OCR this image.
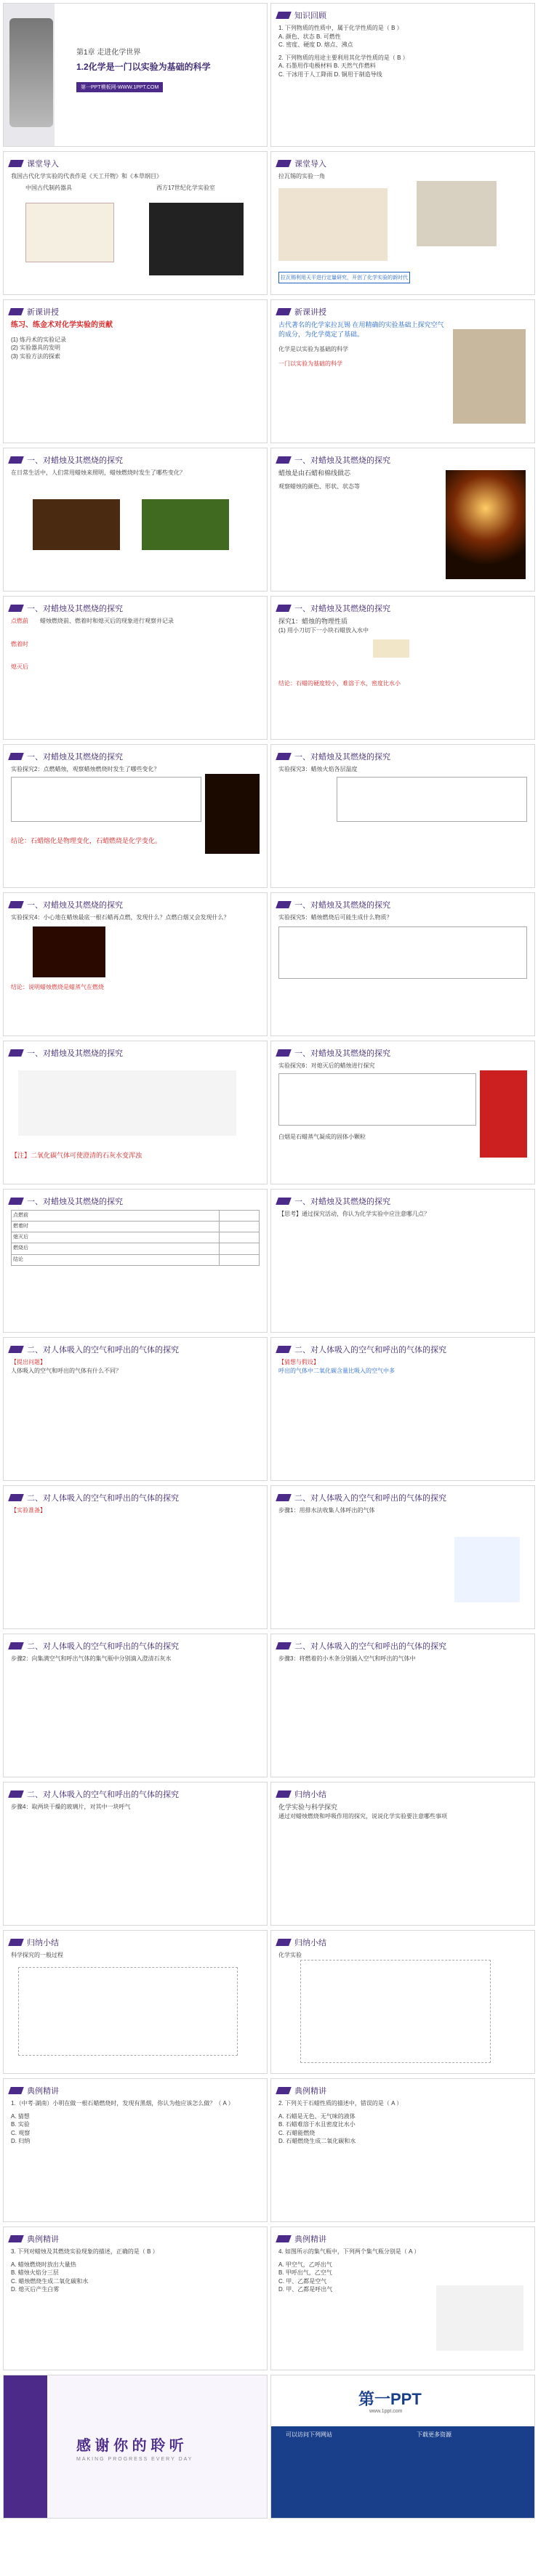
第1章 走进化学世界
1.2化学是一门以实验为基础的科学
第一PPT模板网-WWW.1PPT.COM
知识回顾
1. 下列物质的性质中，属于化学性质的是（ B ）
A. 颜色、状态 B. 可燃性
C. 密度、硬度 D. 熔点、沸点
2. 下列物质的用途主要利用其化学性质的是（ B ）
A. 石墨用作电极材料 B. 天然气作燃料
C. 干冰用于人工降雨 D. 铜用于制造导线
课堂导入
我国古代化学实验的代表作是《天工开物》和《本草纲目》
中国古代制药器具	西方17世纪化学实验室
课堂导入
拉瓦锡的实验一角
拉瓦锡利用天平进行定量研究，开创了化学实验的新时代
新课讲授
练习、练金术对化学实验的贡献
(1) 炼丹术的实验记录
(2) 实验器具的发明
(3) 实验方法的探索
新课讲授
古代著名的化学家拉瓦锡 在用精确的实验基础上探究空气的成分，为化学奠定了基础。
化学是以实验为基础的科学
一门以实验为基础的科学
一、对蜡烛及其燃烧的探究
在日常生活中，人们常用蜡烛来照明，蜡烛燃烧时发生了哪些变化？
一、对蜡烛及其燃烧的探究
蜡烛是由石蜡和棉线做芯
观察蜡烛的颜色、形状、状态等
一、对蜡烛及其燃烧的探究
点燃前
燃着时
熄灭后
蜡烛燃烧前、燃着时和熄灭后的现象进行观察并记录
一、对蜡烛及其燃烧的探究
探究1：蜡烛的物理性质
(1) 用小刀切下一小块石蜡放入水中
结论：石蜡的硬度较小，难溶于水，密度比水小
一、对蜡烛及其燃烧的探究
实验探究2：点燃蜡烛，观察蜡烛燃烧时发生了哪些变化？
结论：石蜡熔化是物理变化，石蜡燃烧是化学变化。
一、对蜡烛及其燃烧的探究
实验探究3：蜡烛火焰各层温度
一、对蜡烛及其燃烧的探究
实验探究4：小心地在蜡烛最底一根石蜡再点燃，发现什么？点燃白烟又会发现什么？
结论：说明蜡烛燃烧是蜡蒸气在燃烧
一、对蜡烛及其燃烧的探究
实验探究5：蜡烛燃烧后可能生成什么物质？
一、对蜡烛及其燃烧的探究
【注】二氧化碳气体可使澄清的石灰水变浑浊
一、对蜡烛及其燃烧的探究
实验探究6：对熄灭后的蜡烛进行探究
白烟是石蜡蒸气凝成的固体小颗粒
一、对蜡烛及其燃烧的探究
点燃前	
燃着时	
熄灭后	
燃烧后	
结论	
一、对蜡烛及其燃烧的探究
【思考】通过探究活动，你认为化学实验中应注意哪几点？
二、对人体吸入的空气和呼出的气体的探究
【提出问题】
人体吸入的空气和呼出的气体有什么不同？
二、对人体吸入的空气和呼出的气体的探究
【猜想与假设】
呼出的气体中二氧化碳含量比吸入的空气中多
二、对人体吸入的空气和呼出的气体的探究
【实验准备】
二、对人体吸入的空气和呼出的气体的探究
步骤1：用排水法收集人体呼出的气体
二、对人体吸入的空气和呼出的气体的探究
步骤2：向集满空气和呼出气体的集气瓶中分别滴入澄清石灰水
二、对人体吸入的空气和呼出的气体的探究
步骤3：将燃着的小木条分别插入空气和呼出的气体中
二、对人体吸入的空气和呼出的气体的探究
步骤4：取两块干燥的玻璃片，对其中一块呼气
归纳小结
化学实验与科学探究
通过对蜡烛燃烧和呼吸作用的探究，说说化学实验要注意哪些事项
归纳小结
科学探究的一般过程
归纳小结
化学实验
典例精讲
1.（中考·湖南）小明在做一根石蜡燃烧时，发现有黑烟，你认为他应该怎么做？（ A ）
A. 猜想
B. 实验
C. 观察
D. 归纳
典例精讲
2. 下列关于石蜡性质的描述中，错误的是（ A ）
A. 石蜡是无色、无气味的液体
B. 石蜡难溶于水且密度比水小
C. 石蜡能燃烧
D. 石蜡燃烧生成二氧化碳和水
典例精讲
3. 下列对蜡烛及其燃烧实验现象的描述，正确的是（ B ）
A. 蜡烛燃烧时放出大量热
B. 蜡烛火焰分三层
C. 蜡烛燃烧生成二氧化碳和水
D. 熄灭后产生白雾
典例精讲
4. 如图所示的集气瓶中，下列两个集气瓶分别是（ A ）
A. 甲空气，乙呼出气
B. 甲呼出气，乙空气
C. 甲、乙都是空气
D. 甲、乙都是呼出气
感 谢 你 的 聆 听
MAKING PROGRESS EVERY DAY
第一PPT
www.1ppt.com
可以访问下列网站	下载更多资源
